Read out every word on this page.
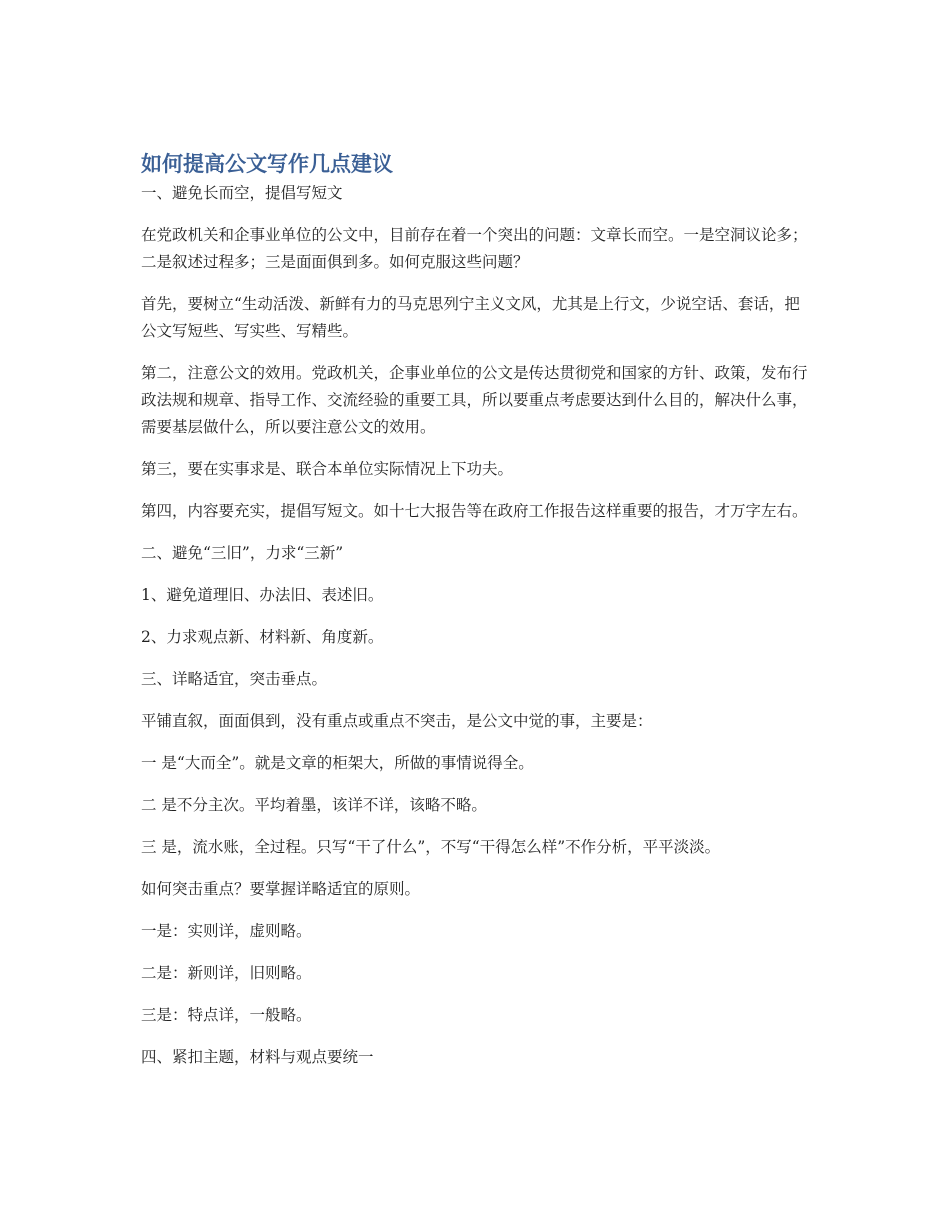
如何提高公文写作几点建议

一、避免长而空，提倡写短文

在党政机关和企事业单位的公文中，目前存在着一个突出的问题：文章长而空。一是空洞议论多；二是叙述过程多；三是面面俱到多。如何克服这些问题？

首先，要树立“生动活泼、新鲜有力的马克思列宁主义文风，尤其是上行文，少说空话、套话，把公文写短些、写实些、写精些。

第二，注意公文的效用。党政机关，企事业单位的公文是传达贯彻党和国家的方针、政策，发布行政法规和规章、指导工作、交流经验的重要工具，所以要重点考虑要达到什么目的，解决什么事，需要基层做什么，所以要注意公文的效用。

第三，要在实事求是、联合本单位实际情况上下功夫。

第四，内容要充实，提倡写短文。如十七大报告等在政府工作报告这样重要的报告，才万字左右。

二、避免“三旧”，力求“三新”

1、避免道理旧、办法旧、表述旧。

2、力求观点新、材料新、角度新。

三、详略适宜，突击垂点。

平铺直叙，面面俱到，没有重点或重点不突击，是公文中觉的事，主要是：

一 是“大而全”。就是文章的柜架大，所做的事情说得全。

二 是不分主次。平均着墨，该详不详，该略不略。

三 是，流水账，全过程。只写“干了什么”，不写“干得怎么样”不作分析，平平淡淡。

如何突击重点？要掌握详略适宜的原则。

一是：实则详，虚则略。

二是：新则详，旧则略。

三是：特点详，一般略。

四、紧扣主题，材料与观点要统一
